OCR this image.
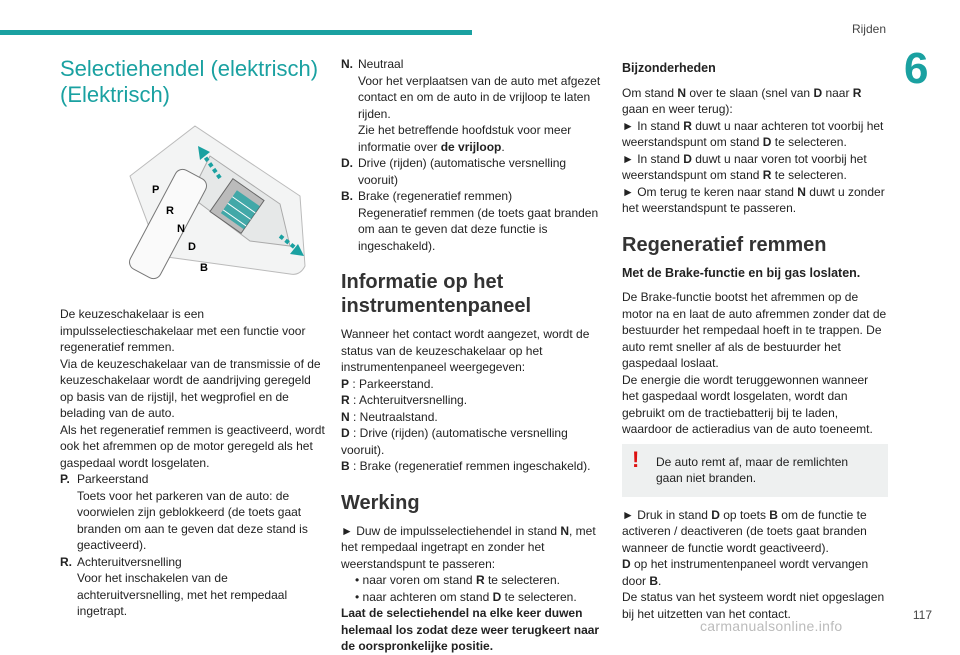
Rijden
6
117
carmanualsonline.info
Selectiehendel (elektrisch) (Elektrisch)
P
R
N
D
B

De keuzeschakelaar is een impulsselectieschakelaar met een functie voor regeneratief remmen.

Via de keuzeschakelaar van de transmissie of de keuzeschakelaar wordt de aandrijving geregeld op basis van de rijstijl, het wegprofiel en de belading van de auto.

Als het regeneratief remmen is geactiveerd, wordt ook het afremmen op de motor geregeld als het gaspedaal wordt losgelaten.

P. Parkeerstand
Toets voor het parkeren van de auto: de voorwielen zijn geblokkeerd (de toets gaat branden om aan te geven dat deze stand is geactiveerd).
R. Achteruitversnelling
Voor het inschakelen van de achteruitversnelling, met het rempedaal ingetrapt.
N. Neutraal
Voor het verplaatsen van de auto met afgezet contact en om de auto in de vrijloop te laten rijden.
Zie het betreffende hoofdstuk voor meer informatie over de vrijloop.
D. Drive (rijden) (automatische versnelling vooruit)
B. Brake (regeneratief remmen)
Regeneratief remmen (de toets gaat branden om aan te geven dat deze functie is ingeschakeld).
Informatie op het instrumentenpaneel

Wanneer het contact wordt aangezet, wordt de status van de keuzeschakelaar op het instrumentenpaneel weergegeven:

P : Parkeerstand.

R : Achteruitversnelling.

N : Neutraalstand.

D : Drive (rijden) (automatische versnelling vooruit).

B : Brake (regeneratief remmen ingeschakeld).

Werking

► Duw de impulsselectiehendel in stand N, met het rempedaal ingetrapt en zonder het weerstandspunt te passeren:

• naar voren om stand R te selecteren.

• naar achteren om stand D te selecteren.

Laat de selectiehendel na elke keer duwen helemaal los zodat deze weer terugkeert naar de oorspronkelijke positie.

Bijzonderheden

Om stand N over te slaan (snel van D naar R gaan en weer terug):

► In stand R duwt u naar achteren tot voorbij het weerstandspunt om stand D te selecteren.

► In stand D duwt u naar voren tot voorbij het weerstandspunt om stand R te selecteren.

► Om terug te keren naar stand N duwt u zonder het weerstandspunt te passeren.

Regeneratief remmen
Met de Brake-functie en bij gas loslaten.

De Brake-functie bootst het afremmen op de motor na en laat de auto afremmen zonder dat de bestuurder het rempedaal hoeft in te trappen. De auto remt sneller af als de bestuurder het gaspedaal loslaat.

De energie die wordt teruggewonnen wanneer het gaspedaal wordt losgelaten, wordt dan gebruikt om de tractiebatterij bij te laden, waardoor de actieradius van de auto toeneemt.

! De auto remt af, maar de remlichten gaan niet branden.

► Druk in stand D op toets B om de functie te activeren / deactiveren (de toets gaat branden wanneer de functie wordt geactiveerd).

D op het instrumentenpaneel wordt vervangen door B.

De status van het systeem wordt niet opgeslagen bij het uitzetten van het contact.
